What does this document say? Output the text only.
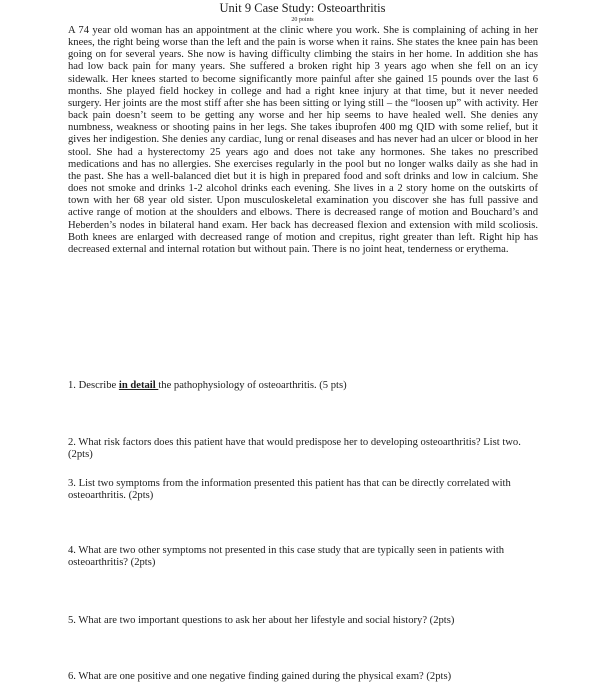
Unit 9 Case Study: Osteoarthritis
20 points

A 74 year old woman has an appointment at the clinic where you work. She is complaining of aching in her knees, the right being worse than the left and the pain is worse when it rains. She states the knee pain has been going on for several years. She now is having difficulty climbing the stairs in her home. In addition she has had low back pain for many years. She suffered a broken right hip 3 years ago when she fell on an icy sidewalk. Her knees started to become significantly more painful after she gained 15 pounds over the last 6 months. She played field hockey in college and had a right knee injury at that time, but it never needed surgery. Her joints are the most stiff after she has been sitting or lying still – the “loosen up” with activity. Her back pain doesn’t seem to be getting any worse and her hip seems to have healed well. She denies any numbness, weakness or shooting pains in her legs. She takes ibuprofen 400 mg QID with some relief, but it gives her indigestion. She denies any cardiac, lung or renal diseases and has never had an ulcer or blood in her stool. She had a hysterectomy 25 years ago and does not take any hormones. She takes no prescribed medications and has no allergies. She exercises regularly in the pool but no longer walks daily as she had in the past. She has a well-balanced diet but it is high in prepared food and soft drinks and low in calcium. She does not smoke and drinks 1-2 alcohol drinks each evening. She lives in a 2 story home on the outskirts of town with her 68 year old sister. Upon musculoskeletal examination you discover she has full passive and active range of motion at the shoulders and elbows. There is decreased range of motion and Bouchard’s and Heberden’s nodes in bilateral hand exam. Her back has decreased flexion and extension with mild scoliosis. Both knees are enlarged with decreased range of motion and crepitus, right greater than left. Right hip has decreased external and internal rotation but without pain. There is no joint heat, tenderness or erythema.

1. Describe in detail the pathophysiology of osteoarthritis. (5 pts)

2. What risk factors does this patient have that would predispose her to developing osteoarthritis? List two. (2pts)

3. List two symptoms from the information presented this patient has that can be directly correlated with osteoarthritis. (2pts)

4. What are two other symptoms not presented in this case study that are typically seen in patients with osteoarthritis? (2pts)

5. What are two important questions to ask her about her lifestyle and social history? (2pts)

6. What are one positive and one negative finding gained during the physical exam? (2pts)
